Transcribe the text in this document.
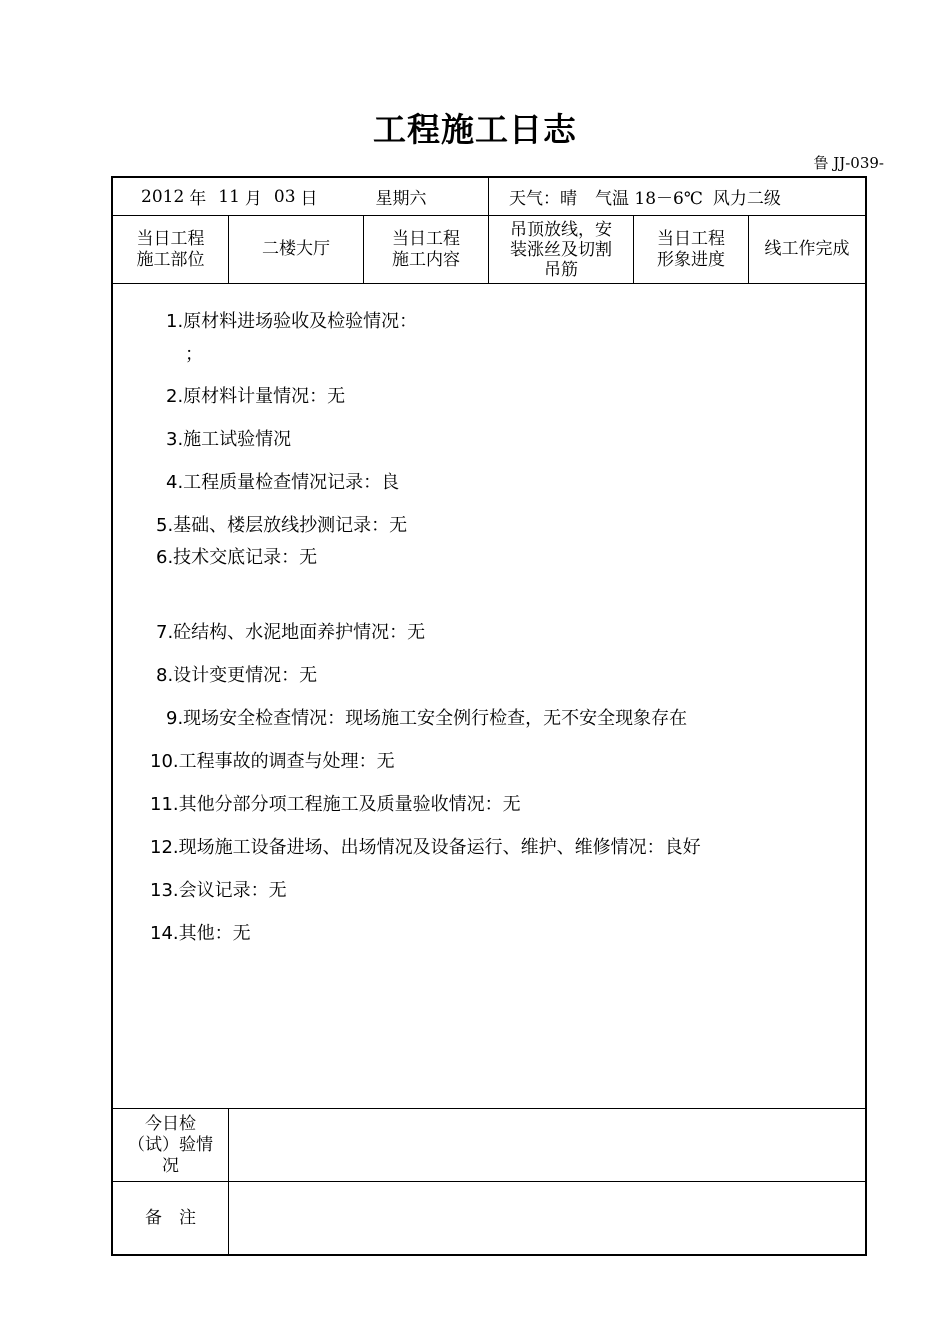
工程施工日志
鲁 JJ-039-
2012 年 11 月 03 日	星期六	天气：晴 气温 18－6℃ 风力二级
当日工程
施工部位
二楼大厅
当日工程
施工内容
吊顶放线，安
装涨丝及切割
吊筋
当日工程
形象进度
线工作完成
1.原材料进场验收及检验情况：
；
2.原材料计量情况：无
3.施工试验情况
4.工程质量检查情况记录：良
5.基础、楼层放线抄测记录：无
6.技术交底记录：无
7.砼结构、水泥地面养护情况：无
8.设计变更情况：无
9.现场安全检查情况：现场施工安全例行检查，无不安全现象存在
10.工程事故的调查与处理：无
11.其他分部分项工程施工及质量验收情况：无
12.现场施工设备进场、出场情况及设备运行、维护、维修情况：良好
13.会议记录：无
14.其他：无
今日检
（试）验情
况
备　注
